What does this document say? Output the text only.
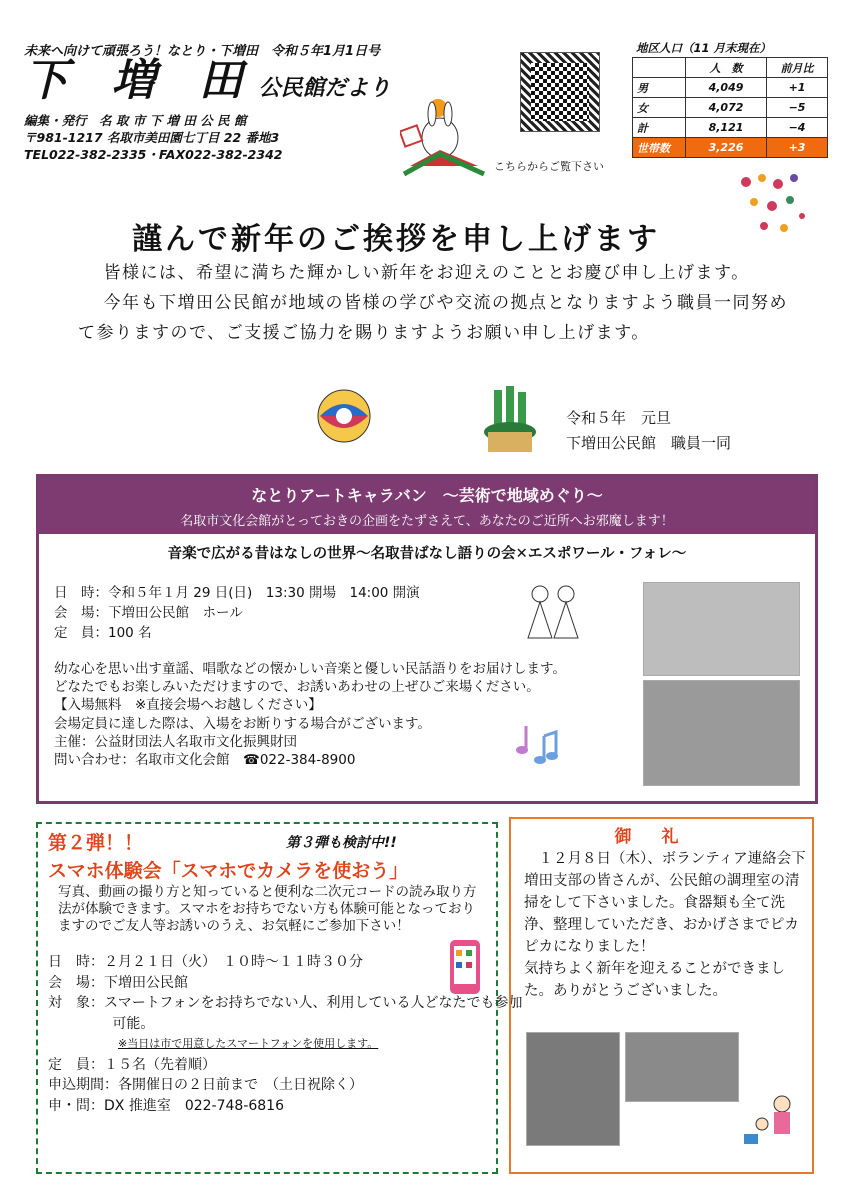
未来へ向けて頑張ろう！なとり・下増田　令和５年1月1日号
下 増 田 公民館だより
編集・発行　名 取 市 下 増 田 公 民 館
〒981-1217 名取市美田園七丁目 22 番地3
TEL022-382-2335・FAX022-382-2342
こちらからご覧下さい
地区人口（11 月末現在）
	人　数	前月比
男	4,049	+1
女	4,072	−5
計	8,121	−4
世帯数	3,226	+3
謹んで新年のご挨拶を申し上げます

皆様には、希望に満ちた輝かしい新年をお迎えのこととお慶び申し上げます。

今年も下増田公民館が地域の皆様の学びや交流の拠点となりますよう職員一同努めて参りますので、ご支援ご協力を賜りますようお願い申し上げます。

令和５年　元旦
下増田公民館　職員一同
なとりアートキャラバン　～芸術で地域めぐり～
名取市文化会館がとっておきの企画をたずさえて、あなたのご近所へお邪魔します！
音楽で広がる昔はなしの世界～名取昔ばなし語りの会✕エスポワール・フォレ～
日　時：令和５年１月 29 日(日)　13:30 開場　14:00 開演
会　場：下増田公民館　ホール
定　員：100 名
幼な心を思い出す童謡、唱歌などの懐かしい音楽と優しい民話語りをお届けします。
どなたでもお楽しみいただけますので、お誘いあわせの上ぜひご来場ください。
【入場無料　※直接会場へお越しください】
会場定員に達した際は、入場をお断りする場合がございます。
主催：公益財団法人名取市文化振興財団
問い合わせ：名取市文化会館　☎022-384-8900
第２弾！！	第３弾も検討中!!
スマホ体験会「スマホでカメラを使おう」
写真、動画の撮り方と知っていると便利な二次元コードの読み取り方法が体験できます。スマホをお持ちでない方も体験可能となっておりますのでご友人等お誘いのうえ、お気軽にご参加下さい！
日　時：２月２１日（火）　１０時～１１時３０分
会　場：下増田公民館
対　象：スマートフォンをお持ちでない人、利用している人どなたでも参加可能。
※当日は市で用意したスマートフォンを使用します。
定　員：１５名（先着順）
申込期間：各開催日の２日前まで　（土日祝除く）
申・問：DX 推進室　022-748-6816
御礼
１２月８日（木）、ボランティア連絡会下増田支部の皆さんが、公民館の調理室の清掃をして下さいました。食器類も全て洗浄、整理していただき、おかげさまでピカピカになりました！
気持ちよく新年を迎えることができました。ありがとうございました。
